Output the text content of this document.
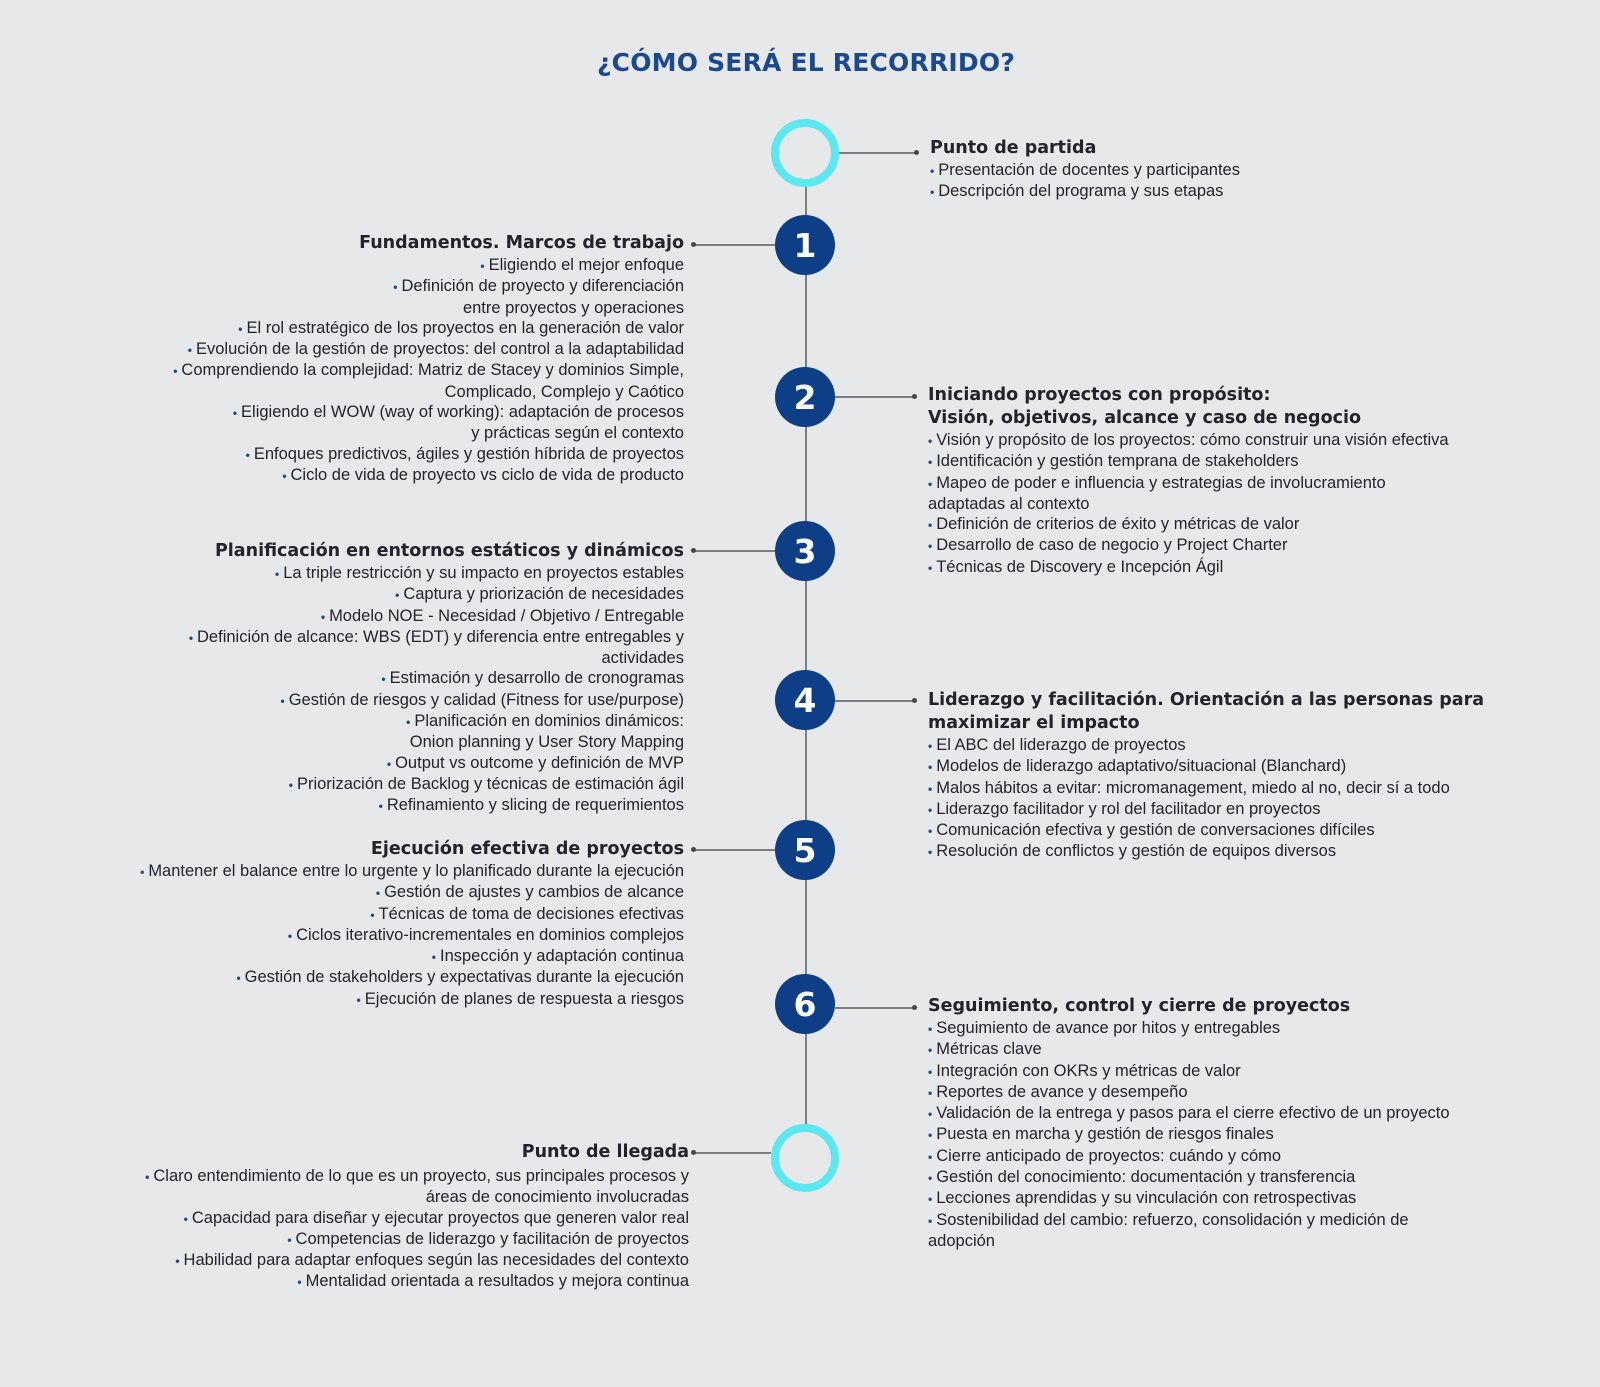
¿CÓMO SERÁ EL RECORRIDO?
Punto de partida
• Presentación de docentes y participantes
• Descripción del programa y sus etapas
1
Fundamentos. Marcos de trabajo
• Eligiendo el mejor enfoque
• Definición de proyecto y diferenciación
entre proyectos y operaciones
• El rol estratégico de los proyectos en la generación de valor
• Evolución de la gestión de proyectos: del control a la adaptabilidad
• Comprendiendo la complejidad: Matriz de Stacey y dominios Simple,
Complicado, Complejo y Caótico
• Eligiendo el WOW (way of working): adaptación de procesos
y prácticas según el contexto
• Enfoques predictivos, ágiles y gestión híbrida de proyectos
• Ciclo de vida de proyecto vs ciclo de vida de producto
2	Iniciando proyectos con propósito:
Visión, objetivos, alcance y caso de negocio
• Visión y propósito de los proyectos: cómo construir una visión efectiva
• Identificación y gestión temprana de stakeholders
• Mapeo de poder e influencia y estrategias de involucramiento
adaptadas al contexto
• Definición de criterios de éxito y métricas de valor
• Desarrollo de caso de negocio y Project Charter
• Técnicas de Discovery e Incepción Ágil
3
Planificación en entornos estáticos y dinámicos
• La triple restricción y su impacto en proyectos estables
• Captura y priorización de necesidades
• Modelo NOE - Necesidad / Objetivo / Entregable
• Definición de alcance: WBS (EDT) y diferencia entre entregables y
actividades
• Estimación y desarrollo de cronogramas
• Gestión de riesgos y calidad (Fitness for use/purpose)
• Planificación en dominios dinámicos:
Onion planning y User Story Mapping
• Output vs outcome y definición de MVP
• Priorización de Backlog y técnicas de estimación ágil
• Refinamiento y slicing de requerimientos
4	Liderazgo y facilitación. Orientación a las personas para
maximizar el impacto
• El ABC del liderazgo de proyectos
• Modelos de liderazgo adaptativo/situacional (Blanchard)
• Malos hábitos a evitar: micromanagement, miedo al no, decir sí a todo
• Liderazgo facilitador y rol del facilitador en proyectos
• Comunicación efectiva y gestión de conversaciones difíciles
• Resolución de conflictos y gestión de equipos diversos
5
Ejecución efectiva de proyectos
• Mantener el balance entre lo urgente y lo planificado durante la ejecución
• Gestión de ajustes y cambios de alcance
• Técnicas de toma de decisiones efectivas
• Ciclos iterativo-incrementales en dominios complejos
• Inspección y adaptación continua
• Gestión de stakeholders y expectativas durante la ejecución
• Ejecución de planes de respuesta a riesgos	6	Seguimiento, control y cierre de proyectos
• Seguimiento de avance por hitos y entregables
• Métricas clave
• Integración con OKRs y métricas de valor
• Reportes de avance y desempeño
• Validación de la entrega y pasos para el cierre efectivo de un proyecto
• Puesta en marcha y gestión de riesgos finales
• Cierre anticipado de proyectos: cuándo y cómo
• Gestión del conocimiento: documentación y transferencia
• Lecciones aprendidas y su vinculación con retrospectivas
• Sostenibilidad del cambio: refuerzo, consolidación y medición de
adopción
Punto de llegada
• Claro entendimiento de lo que es un proyecto, sus principales procesos y
áreas de conocimiento involucradas
• Capacidad para diseñar y ejecutar proyectos que generen valor real
• Competencias de liderazgo y facilitación de proyectos
• Habilidad para adaptar enfoques según las necesidades del contexto
• Mentalidad orientada a resultados y mejora continua
